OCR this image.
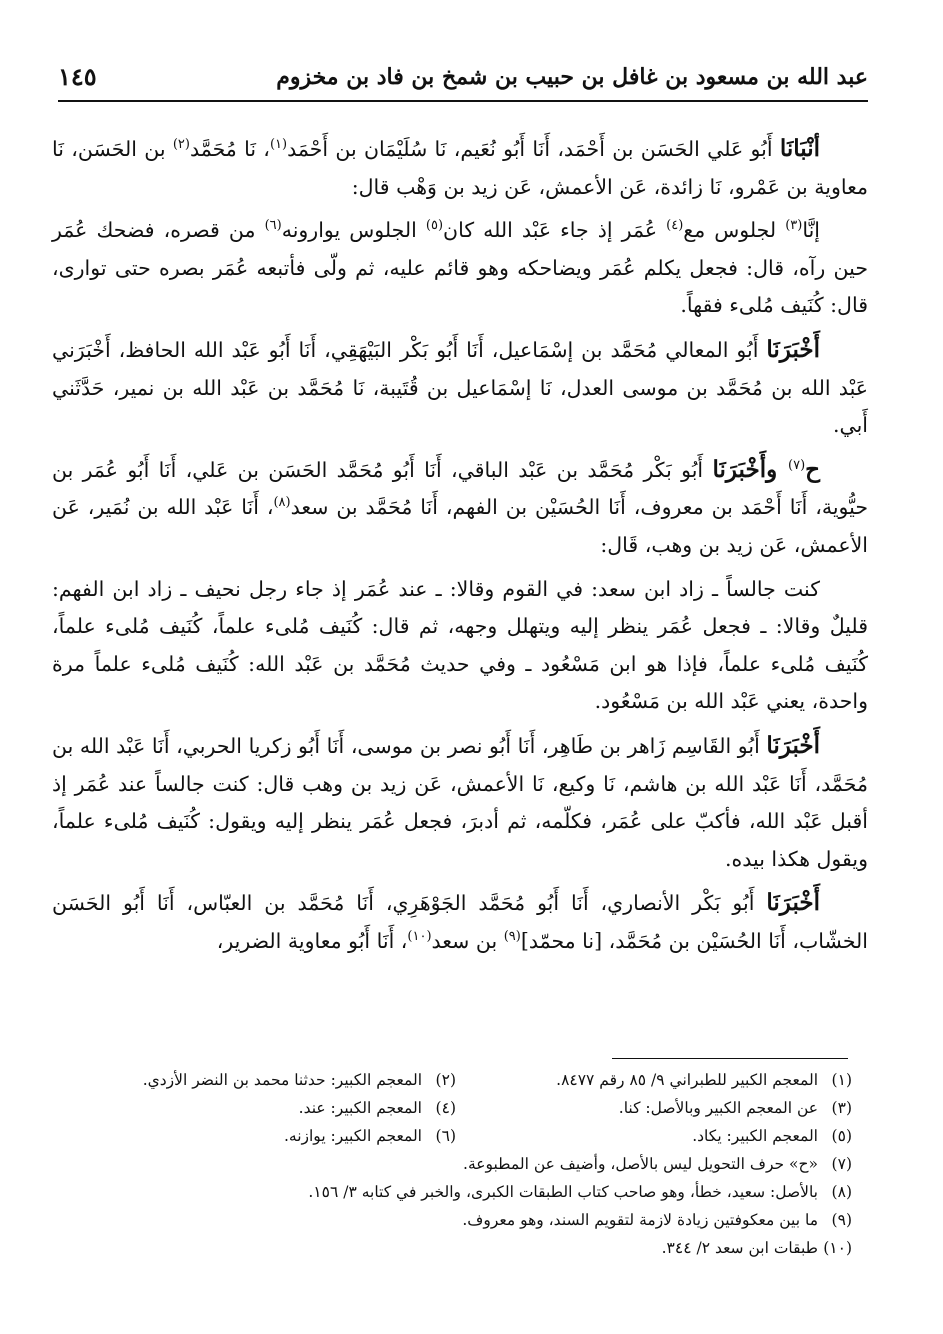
عبد الله بن مسعود بن غافل بن حبيب بن شمخ بن فاد بن مخزوم
١٤٥

أنْبَانَا أَبُو عَلي الحَسَن بن أَحْمَد، أَنَا أَبُو نُعَيم، نَا سُلَيْمَان بن أَحْمَد$^{(١)}$، نَا مُحَمَّد$^{(٢)}$ بن الحَسَن، نَا معاوية بن عَمْرو، نَا زائدة، عَن الأعمش، عَن زيد بن وَهْب قال:

إنَّا$^{(٣)}$ لجلوس مع$^{(٤)}$ عُمَر إذ جاء عَبْد الله كان$^{(٥)}$ الجلوس يوارونه$^{(٦)}$ من قصره، فضحك عُمَر حين رآه، قال: فجعل يكلم عُمَر ويضاحكه وهو قائم عليه، ثم ولّى فأتبعه عُمَر بصره حتى توارى، قال: كُنَيف مُلىء فقهاً.

أَخْبَرَنَا أَبُو المعالي مُحَمَّد بن إسْمَاعيل، أَنَا أَبُو بَكْر البَيْهَقِي، أَنَا أَبُو عَبْد الله الحافظ، أَخْبَرَني عَبْد الله بن مُحَمَّد بن موسى العدل، نَا إسْمَاعيل بن قُتَيبة، نَا مُحَمَّد بن عَبْد الله بن نمير، حَدَّثَني أَبي.

ح$^{(٧)}$ وأَخْبَرَنَا أَبُو بَكْر مُحَمَّد بن عَبْد الباقي، أَنَا أَبُو مُحَمَّد الحَسَن بن عَلي، أَنَا أَبُو عُمَر بن حيُّوية، أَنَا أَحْمَد بن معروف، أَنَا الحُسَيْن بن الفهم، أَنَا مُحَمَّد بن سعد$^{(٨)}$، أَنَا عَبْد الله بن نُمَير، عَن الأعمش، عَن زيد بن وهب، قَال:

كنت جالساً ـ زاد ابن سعد: في القوم وقالا: ـ عند عُمَر إذ جاء رجل نحيف ـ زاد ابن الفهم: قليلٌ وقالا: ـ فجعل عُمَر ينظر إليه ويتهلل وجهه، ثم قال: كُنَيف مُلىء علماً، كُنَيف مُلىء علماً، كُنَيف مُلىء علماً، فإذا هو ابن مَسْعُود ـ وفي حديث مُحَمَّد بن عَبْد الله: كُنَيف مُلىء علماً مرة واحدة، يعني عَبْد الله بن مَسْعُود.

أَخْبَرَنَا أَبُو القَاسِم زَاهر بن طَاهِر، أَنَا أَبُو نصر بن موسى، أَنَا أَبُو زكريا الحربي، أَنَا عَبْد الله بن مُحَمَّد، أَنَا عَبْد الله بن هاشم، نَا وكيع، نَا الأعمش، عَن زيد بن وهب قال: كنت جالساً عند عُمَر إذ أقبل عَبْد الله، فأكبّ على عُمَر، فكلّمه، ثم أدبرَ، فجعل عُمَر ينظر إليه ويقول: كُنَيف مُلىء علماً، ويقول هكذا بيده.

أَخْبَرَنَا أَبُو بَكْر الأنصاري، أَنَا أَبُو مُحَمَّد الجَوْهَرِي، أَنَا مُحَمَّد بن العبّاس، أَنَا أَبُو الحَسَن الخشّاب، أَنَا الحُسَيْن بن مُحَمَّد، [نا محمّد]$^{(٩)}$ بن سعد$^{(١٠)}$، أَنَا أَبُو معاوية الضرير،

(١)المعجم الكبير للطبراني ٩/ ٨٥ رقم ٨٤٧٧.
(٢)المعجم الكبير: حدثنا محمد بن النضر الأزدي.
(٣)عن المعجم الكبير وبالأصل: كنا.
(٤)المعجم الكبير: عند.
(٥)المعجم الكبير: يكاد.
(٦)المعجم الكبير: يوازنه.
(٧)«ح» حرف التحويل ليس بالأصل، وأضيف عن المطبوعة.
(٨)بالأصل: سعيد، خطأ، وهو صاحب كتاب الطبقات الكبرى، والخبر في كتابه ٣/ ١٥٦.
(٩)ما بين معكوفتين زيادة لازمة لتقويم السند، وهو معروف.
(١٠)طبقات ابن سعد ٢/ ٣٤٤.
